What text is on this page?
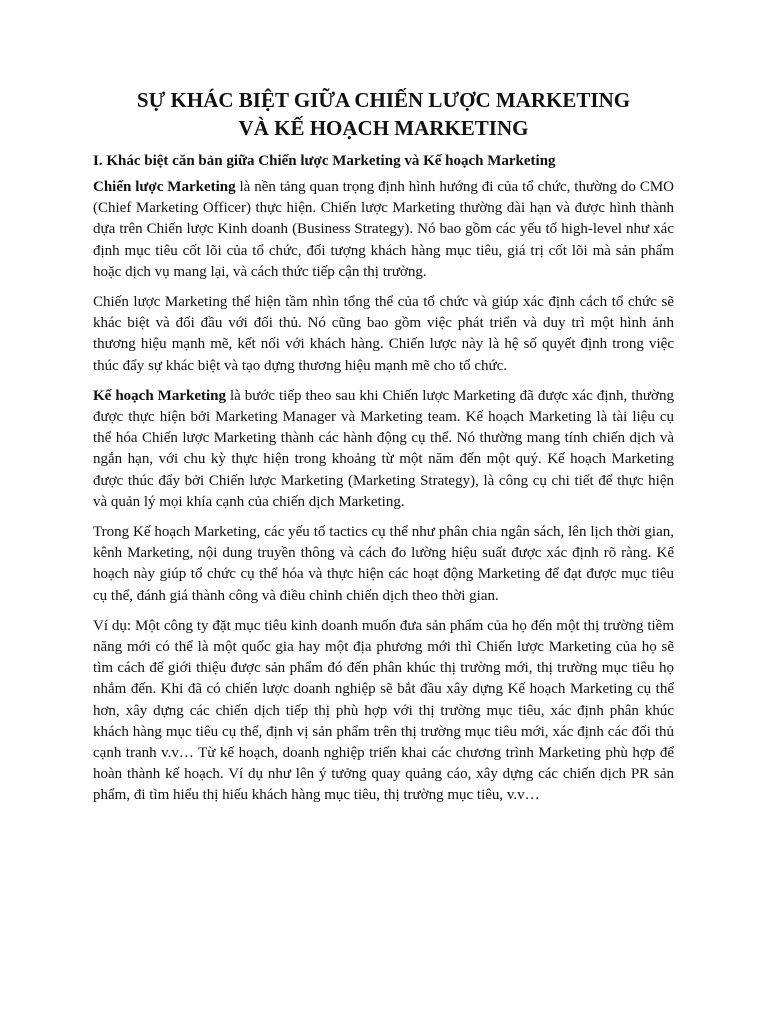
SỰ KHÁC BIỆT GIỮA CHIẾN LƯỢC MARKETING
VÀ KẾ HOẠCH MARKETING
I. Khác biệt căn bản giữa Chiến lược Marketing và Kế hoạch Marketing

Chiến lược Marketing là nền tảng quan trọng định hình hướng đi của tổ chức, thường do CMO (Chief Marketing Officer) thực hiện. Chiến lược Marketing thường dài hạn và được hình thành dựa trên Chiến lược Kinh doanh (Business Strategy). Nó bao gồm các yếu tố high-level như xác định mục tiêu cốt lõi của tổ chức, đối tượng khách hàng mục tiêu, giá trị cốt lõi mà sản phẩm hoặc dịch vụ mang lại, và cách thức tiếp cận thị trường.

Chiến lược Marketing thể hiện tầm nhìn tổng thể của tổ chức và giúp xác định cách tổ chức sẽ khác biệt và đối đầu với đối thủ. Nó cũng bao gồm việc phát triển và duy trì một hình ảnh thương hiệu mạnh mẽ, kết nối với khách hàng. Chiến lược này là hệ số quyết định trong việc thúc đẩy sự khác biệt và tạo dựng thương hiệu mạnh mẽ cho tổ chức.

Kế hoạch Marketing là bước tiếp theo sau khi Chiến lược Marketing đã được xác định, thường được thực hiện bởi Marketing Manager và Marketing team. Kế hoạch Marketing là tài liệu cụ thể hóa Chiến lược Marketing thành các hành động cụ thể. Nó thường mang tính chiến dịch và ngắn hạn, với chu kỳ thực hiện trong khoảng từ một năm đến một quý. Kế hoạch Marketing được thúc đẩy bởi Chiến lược Marketing (Marketing Strategy), là công cụ chi tiết để thực hiện và quản lý mọi khía cạnh của chiến dịch Marketing.

Trong Kế hoạch Marketing, các yếu tố tactics cụ thể như phân chia ngân sách, lên lịch thời gian, kênh Marketing, nội dung truyền thông và cách đo lường hiệu suất được xác định rõ ràng. Kế hoạch này giúp tổ chức cụ thể hóa và thực hiện các hoạt động Marketing để đạt được mục tiêu cụ thể, đánh giá thành công và điều chỉnh chiến dịch theo thời gian.

Ví dụ: Một công ty đặt mục tiêu kinh doanh muốn đưa sản phẩm của họ đến một thị trường tiềm năng mới có thể là một quốc gia hay một địa phương mới thì Chiến lược Marketing của họ sẽ tìm cách để giới thiệu được sản phẩm đó đến phân khúc thị trường mới, thị trường mục tiêu họ nhắm đến. Khi đã có chiến lược doanh nghiệp sẽ bắt đầu xây dựng Kế hoạch Marketing cụ thể hơn, xây dựng các chiến dịch tiếp thị phù hợp với thị trường mục tiêu, xác định phân khúc khách hàng mục tiêu cụ thể, định vị sản phẩm trên thị trường mục tiêu mới, xác định các đối thủ cạnh tranh v.v… Từ kế hoạch, doanh nghiệp triển khai các chương trình Marketing phù hợp để hoàn thành kế hoạch. Ví dụ như lên ý tưởng quay quảng cáo, xây dựng các chiến dịch PR sản phẩm, đi tìm hiểu thị hiếu khách hàng mục tiêu, thị trường mục tiêu, v.v…
